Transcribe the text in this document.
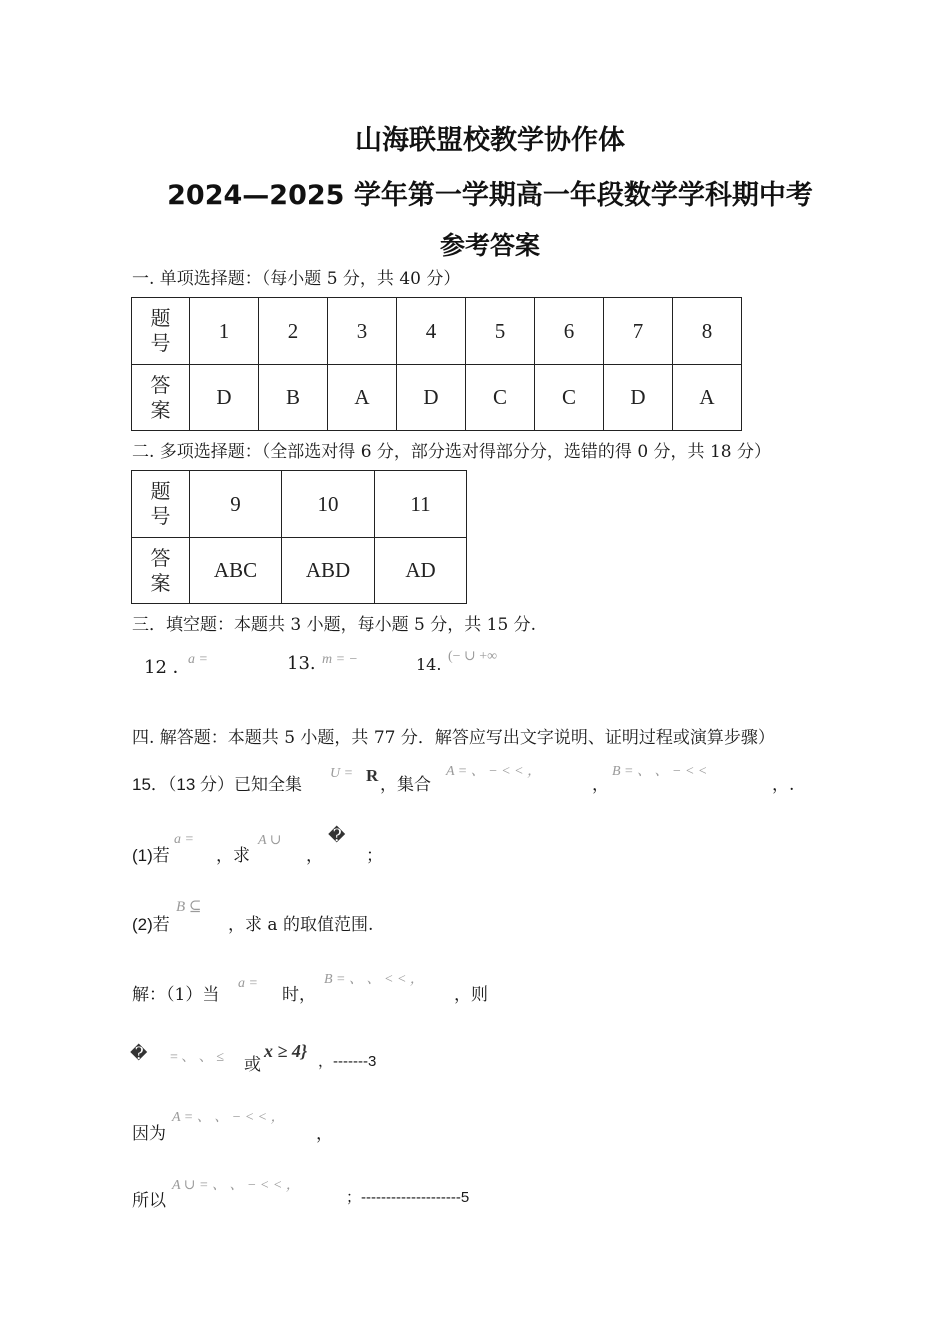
山海联盟校教学协作体
2024—2025 学年第一学期高一年段数学学科期中考
参考答案
一. 单项选择题：（每小题 5 分，共 40 分）
题
号	1	2	3	4	5	6	7	8
答
案	D	B	A	D	C	C	D	A
二. 多项选择题：（全部选对得 6 分，部分选对得部分分，选错的得 0 分，共 18 分）
题
号	9	10	11
答
案	ABC	ABD	AD
三．填空题：本题共 3 小题，每小题 5 分，共 15 分.
12 ．
a =	13. m = −	14. (− ∪ +∞
四. 解答题：本题共 5 小题，共 77 分．解答应写出文字说明、证明过程或演算步骤）
15．（13 分）已知全集
U = R ，集合
A = 、 − < < ，
，
B = 、 、 − < <
，.
(1)若
a =
，求
A ∪
，
�
；
(2)若
B ⊆
，求 a 的取值范围.
解：（1）当
a =
时，
B = 、 、 < < ，
，则
� = 、 、 ≤ 或
x ≥ 4}
，-------3
因为
A = 、 、 − < < ，
，
所以
A ∪ = 、 、 − < < ，
；--------------------5
